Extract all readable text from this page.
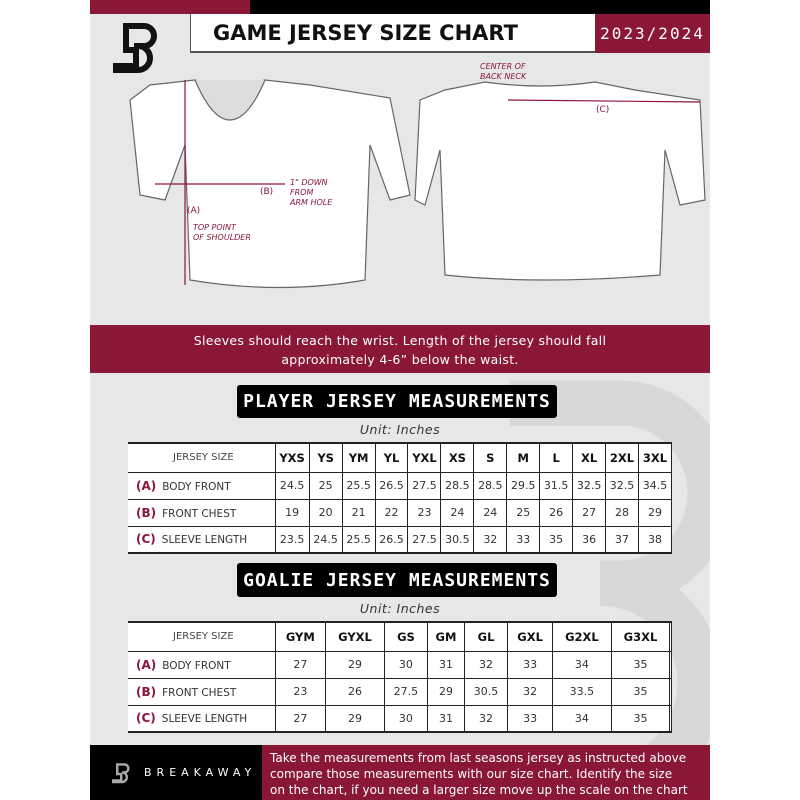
GAME JERSEY SIZE CHART	2023/2024
(A)
TOP POINT
OF SHOULDER
(B)
1" DOWN
FROM
ARM HOLE
CENTER OF
BACK NECK
(C)
Sleeves should reach the wrist. Length of the jersey should fall
approximately 4-6” below the waist.
PLAYER JERSEY MEASUREMENTS
Unit: Inches
JERSEY SIZE	YXS	YS	YM	YL	YXL	XS	S	M	L	XL	2XL	3XL
(A) BODY FRONT	24.5	25	25.5	26.5	27.5	28.5	28.5	29.5	31.5	32.5	32.5	34.5
(B) FRONT CHEST	19	20	21	22	23	24	24	25	26	27	28	29
(C) SLEEVE LENGTH	23.5	24.5	25.5	26.5	27.5	30.5	32	33	35	36	37	38
GOALIE JERSEY MEASUREMENTS
Unit: Inches
JERSEY SIZE	GYM	GYXL	GS	GM	GL	GXL	G2XL	G3XL	
(A) BODY FRONT	27	29	30	31	32	33	34	35	
(B) FRONT CHEST	23	26	27.5	29	30.5	32	33.5	35	
(C) SLEEVE LENGTH	27	29	30	31	32	33	34	35	
BREAKAWAY
Take the measurements from last seasons jersey as instructed above
compare those measurements with our size chart. Identify the size
on the chart, if you need a larger size move up the scale on the chart
